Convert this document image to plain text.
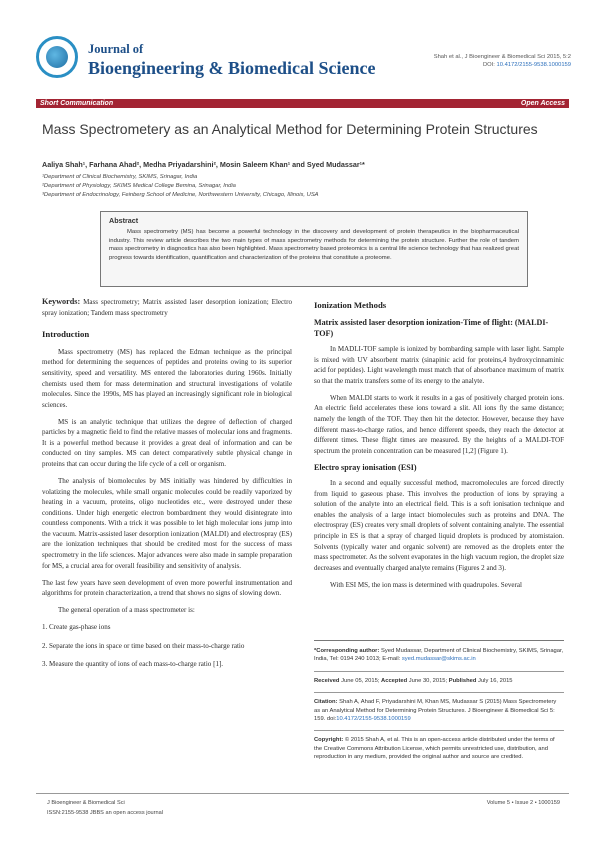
Journal of
Bioengineering & Biomedical Science
Shah et al., J Bioengineer & Biomedical Sci 2015, 5:2
DOI: 10.4172/2155-9538.1000159
Short Communication	Open Access
Mass Spectrometery as an Analytical Method for Determining Protein Structures
Aaliya Shah¹, Farhana Ahad², Medha Priyadarshini², Mosin Saleem Khan¹ and Syed Mudassar¹*
¹Department of Clinical Biochemistry, SKIMS, Srinagar, India
²Department of Physiology, SKIMS Medical College Bemina, Srinagar, India
³Department of Endocrinology, Feinberg School of Medicine, Northwestern University, Chicago, Illinois, USA
Abstract
Mass spectrometry (MS) has become a powerful technology in the discovery and development of protein therapeutics in the biopharmaceutical industry. This review article describes the two main types of mass spectrometry methods for determining the protein structure. Further the role of tandem mass spectrometry in diagnostics has also been highlighted. Mass spectrometry based proteomics is a central life science technology that has realized great progress towards identification, quantification and characterization of the proteins that constitute a proteome.
Keywords: Mass spectrometry; Matrix assisted laser desorption ionization; Electro spray ionization; Tandem mass spectrometry
Introduction

Mass spectrometry (MS) has replaced the Edman technique as the principal method for determining the sequences of peptides and proteins owing to its superior sensitivity, speed and versatility. MS entered the laboratories during 1960s. Initially chemists used them for mass determination and structural investigations of volatile molecules. Since the 1990s, MS has played an increasingly significant role in biological sciences.

MS is an analytic technique that utilizes the degree of deflection of charged particles by a magnetic field to find the relative masses of molecular ions and fragments. It is a powerful method because it provides a great deal of information and can be conducted on tiny samples. MS can detect comparatively subtle physical change in proteins that can occur during the life cycle of a cell or organism.

The analysis of biomolecules by MS initially was hindered by difficulties in volatizing the molecules, while small organic molecules could be readily vaporized by heating in a vacuum, proteins, oligo nucleotides etc., were destroyed under these conditions. Under high energetic electron bombardment they would disintegrate into countless components. With a trick it was possible to let high molecular ions jump into the vacuum. Matrix-assisted laser desorption ionization (MALDI) and electrospray (ES) are the ionization techniques that should be credited most for the success of mass spectrometry in the life sciences. Major advances were also made in sample preparation for MS, a crucial area for overall feasibility and sensitivity of analysis.

The last few years have seen development of even more powerful instrumentation and algorithms for protein characterization, a trend that shows no signs of slowing down.

The general operation of a mass spectrometer is:

1. Create gas-phase ions

2. Separate the ions in space or time based on their mass-to-charge ratio

3. Measure the quantity of ions of each mass-to-charge ratio [1].

Ionization Methods
Matrix assisted laser desorption ionization-Time of flight: (MALDI-TOF)

In MADLI-TOF sample is ionized by bombarding sample with laser light. Sample is mixed with UV absorbent matrix (sinapinic acid for proteins,4 hydroxycinnaminic acid for peptides). Light wavelength must match that of absorbance maximum of matrix so that the matrix transfers some of its energy to the analyte.

When MALDI starts to work it results in a gas of positively charged protein ions. An electric field accelerates these ions toward a slit. All ions fly the same distance; namely the length of the TOF. They then hit the detector. However, because they have different mass-to-charge ratios, and hence different speeds, they reach the detector at different times. These flight times are measured. By the heights of a MALDI-TOF spectrum the protein concentration can be measured [1,2] (Figure 1).

Electro spray ionisation (ESI)

In a second and equally successful method, macromolecules are forced directly from liquid to gaseous phase. This involves the production of ions by spraying a solution of the analyte into an electrical field. This is a soft ionisation technique and enables the analysis of a large intact biomolecules such as proteins and DNA. The electrospray (ES) creates very small droplets of solvent containing analyte. The essential principle in ES is that a spray of charged liquid droplets is produced by atomistaion. Solvents (typically water and organic solvent) are removed as the droplets enter the mass spectrometer. As the solvent evaporates in the high vacuum region, the droplet size decreases and eventually charged analyte remains (Figures 2 and 3).

With ESI MS, the ion mass is determined with quadrupoles. Several

*Corresponding author: Syed Mudassar, Department of Clinical Biochemistry, SKIMS, Srinagar, India, Tel: 0194 240 1013; E-mail: syed.mudassar@skims.ac.in
Received June 05, 2015; Accepted June 30, 2015; Published July 16, 2015
Citation: Shah A, Ahad F, Priyadarshini M, Khan MS, Mudassar S (2015) Mass Spectrometery as an Analytical Method for Determining Protein Structures. J Bioengineer & Biomedical Sci 5: 159. doi:10.4172/2155-9538.1000159
Copyright: © 2015 Shah A, et al. This is an open-access article distributed under the terms of the Creative Commons Attribution License, which permits unrestricted use, distribution, and reproduction in any medium, provided the original author and source are credited.
J Bioengineer & Biomedical Sci
ISSN:2155-9538 JBBS an open access journal
Volume 5 • Issue 2 • 1000159
